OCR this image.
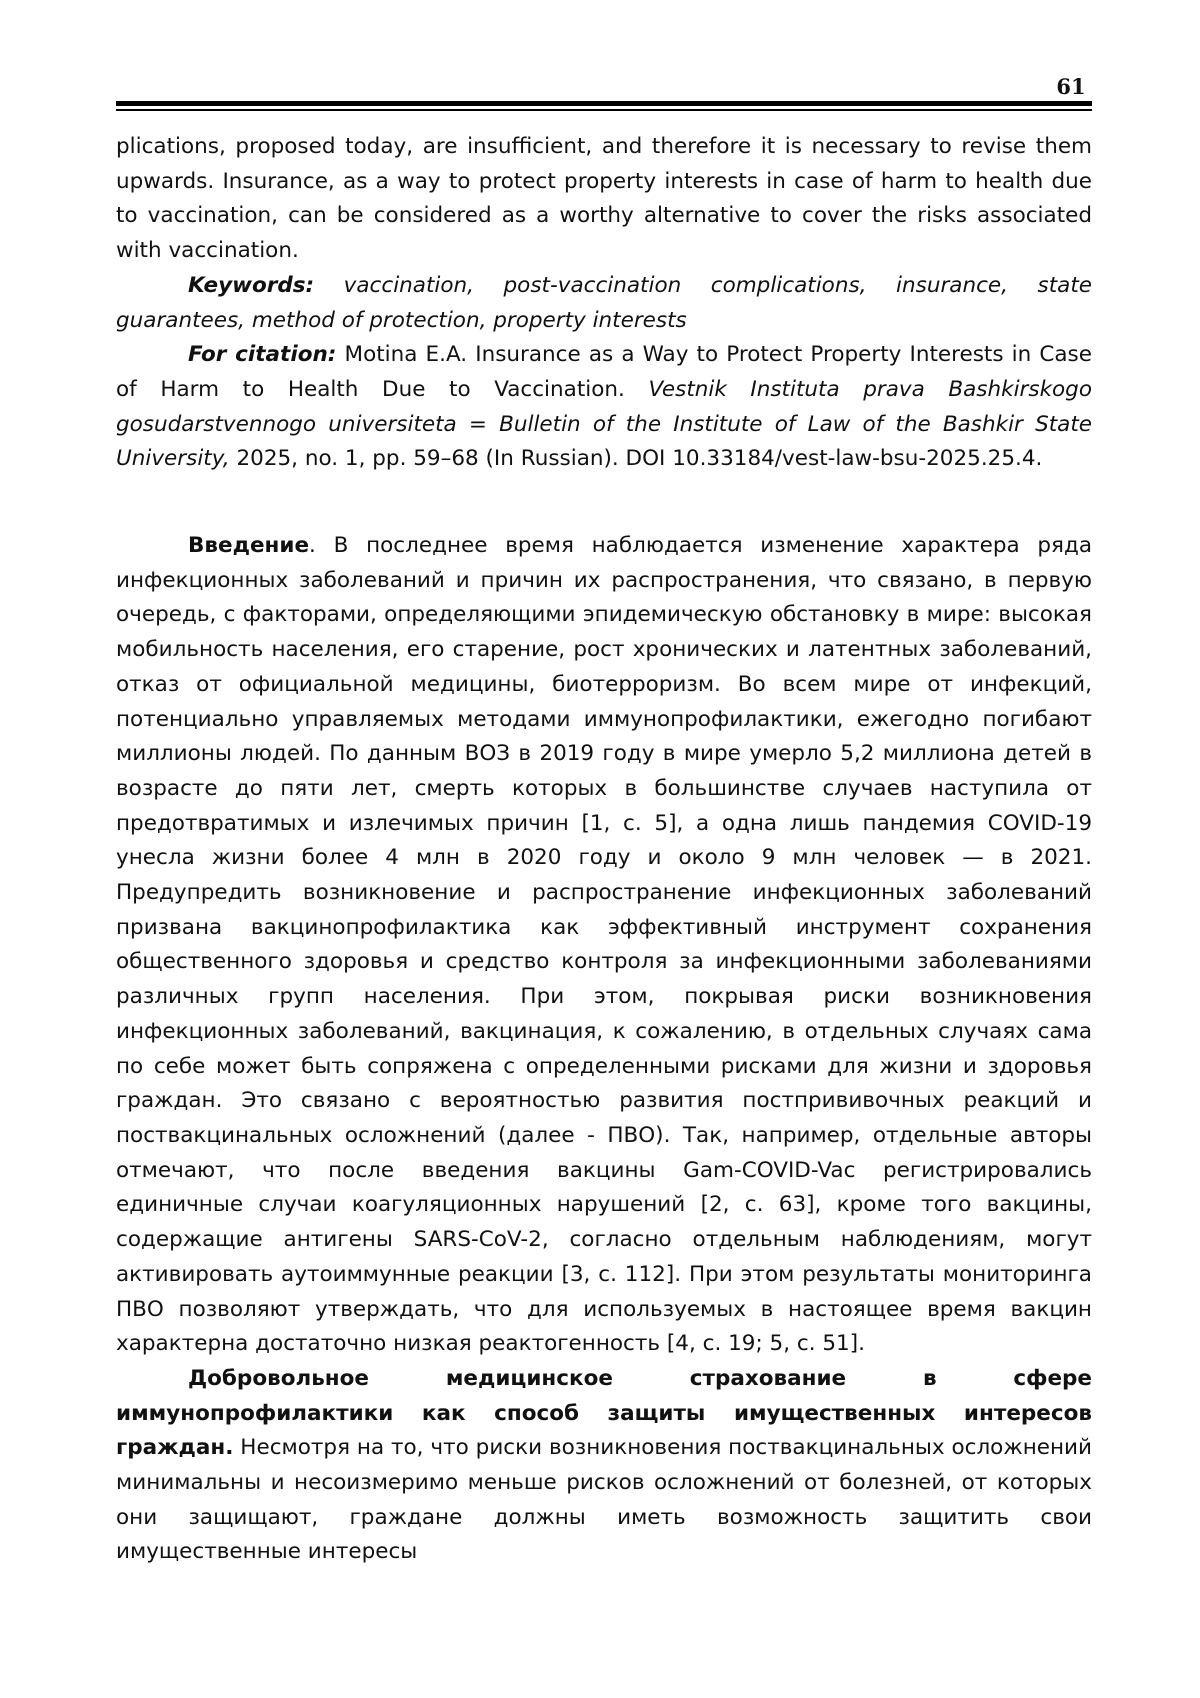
61

plications, proposed today, are insufficient, and therefore it is necessary to revise them upwards. Insurance, as a way to protect property interests in case of harm to health due to vaccination, can be considered as a worthy alternative to cover the risks associated with vaccination.

Keywords: vaccination, post-vaccination complications, insurance, state guarantees, method of protection, property interests

For citation: Motina E.A. Insurance as a Way to Protect Property Interests in Case of Harm to Health Due to Vaccination. Vestnik Instituta prava Bashkirskogo gosudarstvennogo universiteta = Bulletin of the Institute of Law of the Bashkir State University, 2025, no. 1, pp. 59–68 (In Russian). DOI 10.33184/vest-law-bsu-2025.25.4.

Введение. В последнее время наблюдается изменение характера ряда инфекционных заболеваний и причин их распространения, что связано, в первую очередь, с факторами, определяющими эпидемическую обстановку в мире: высокая мобильность населения, его старение, рост хронических и латентных заболеваний, отказ от официальной медицины, биотерроризм. Во всем мире от инфекций, потенциально управляемых методами иммунопрофилактики, ежегодно погибают миллионы людей. По данным ВОЗ в 2019 году в мире умерло 5,2 миллиона детей в возрасте до пяти лет, смерть которых в большинстве случаев наступила от предотвратимых и излечимых причин [1, с. 5], а одна лишь пандемия COVID-19 унесла жизни более 4 млн в 2020 году и около 9 млн человек — в 2021. Предупредить возникновение и распространение инфекционных заболеваний призвана вакцинопрофилактика как эффективный инструмент сохранения общественного здоровья и средство контроля за инфекционными заболеваниями различных групп населения. При этом, покрывая риски возникновения инфекционных заболеваний, вакцинация, к сожалению, в отдельных случаях сама по себе может быть сопряжена с определенными рисками для жизни и здоровья граждан. Это связано с вероятностью развития постпрививочных реакций и поствакцинальных осложнений (далее - ПВО). Так, например, отдельные авторы отмечают, что после введения вакцины Gam-COVID-Vac регистрировались единичные случаи коагуляционных нарушений [2, с. 63], кроме того вакцины, содержащие антигены SARS-CoV-2, согласно отдельным наблюдениям, могут активировать аутоиммунные реакции [3, с. 112]. При этом результаты мониторинга ПВО позволяют утверждать, что для используемых в настоящее время вакцин характерна достаточно низкая реактогенность [4, с. 19; 5, с. 51].

Добровольное медицинское страхование в сфере иммунопрофилактики как способ защиты имущественных интересов граждан. Несмотря на то, что риски возникновения поствакцинальных осложнений минимальны и несоизмеримо меньше рисков осложнений от болезней, от которых они защищают, граждане должны иметь возможность защитить свои имущественные интересы
